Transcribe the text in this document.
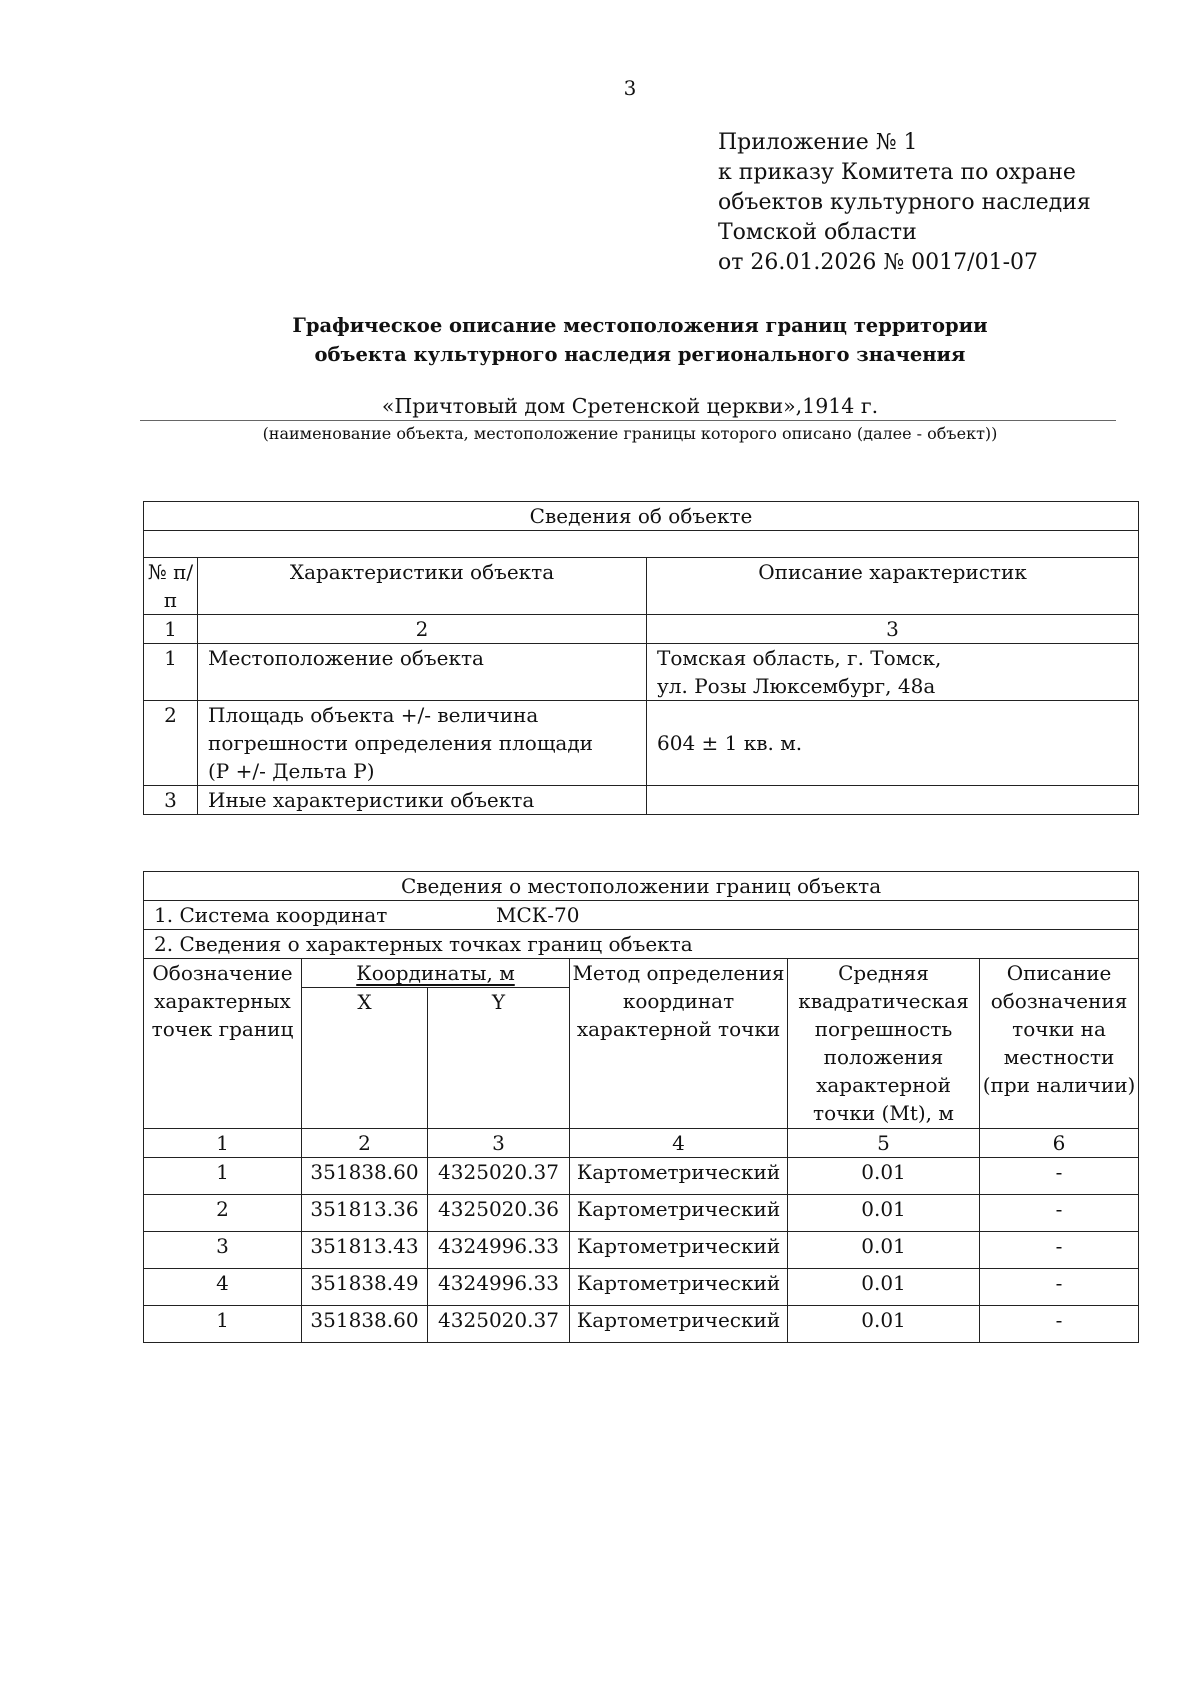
3
Приложение № 1
к приказу Комитета по охране
объектов культурного наследия
Томской области
от 26.01.2026 № 0017/01-07
Графическое описание местоположения границ территории
объекта культурного наследия регионального значения
«Причтовый дом Сретенской церкви»,1914 г.
(наименование объекта, местоположение границы которого описано (далее - объект))
Сведения об объекте		

№ п/п	Характеристики объекта	Описание характеристик
1	2	3
1	Местоположение объекта	Томская область, г. Томск,
ул. Розы Люксембург, 48а

2	Площадь объекта +/- величина
погрешности определения площади
(Р +/- Дельта Р)	604 ± 1 кв. м.
3	Иные характеристики объекта	
Сведения о местоположении границ объекта					
1. Система координат МСК-70					
2. Сведения о характерных точках границ объекта					
Обозначение характерных точек границ	Координаты, м		Метод определения координат характерной точки	Средняя квадратическая погрешность положения характерной точки (Mt), м	Описание обозначения точки на местности (при наличии)
	X	Y			
1	2	3	4	5	6
1	351838.60	4325020.37	Картометрический	0.01	-
2	351813.36	4325020.36	Картометрический	0.01	-
3	351813.43	4324996.33	Картометрический	0.01	-
4	351838.49	4324996.33	Картометрический	0.01	-
1	351838.60	4325020.37	Картометрический	0.01	-
